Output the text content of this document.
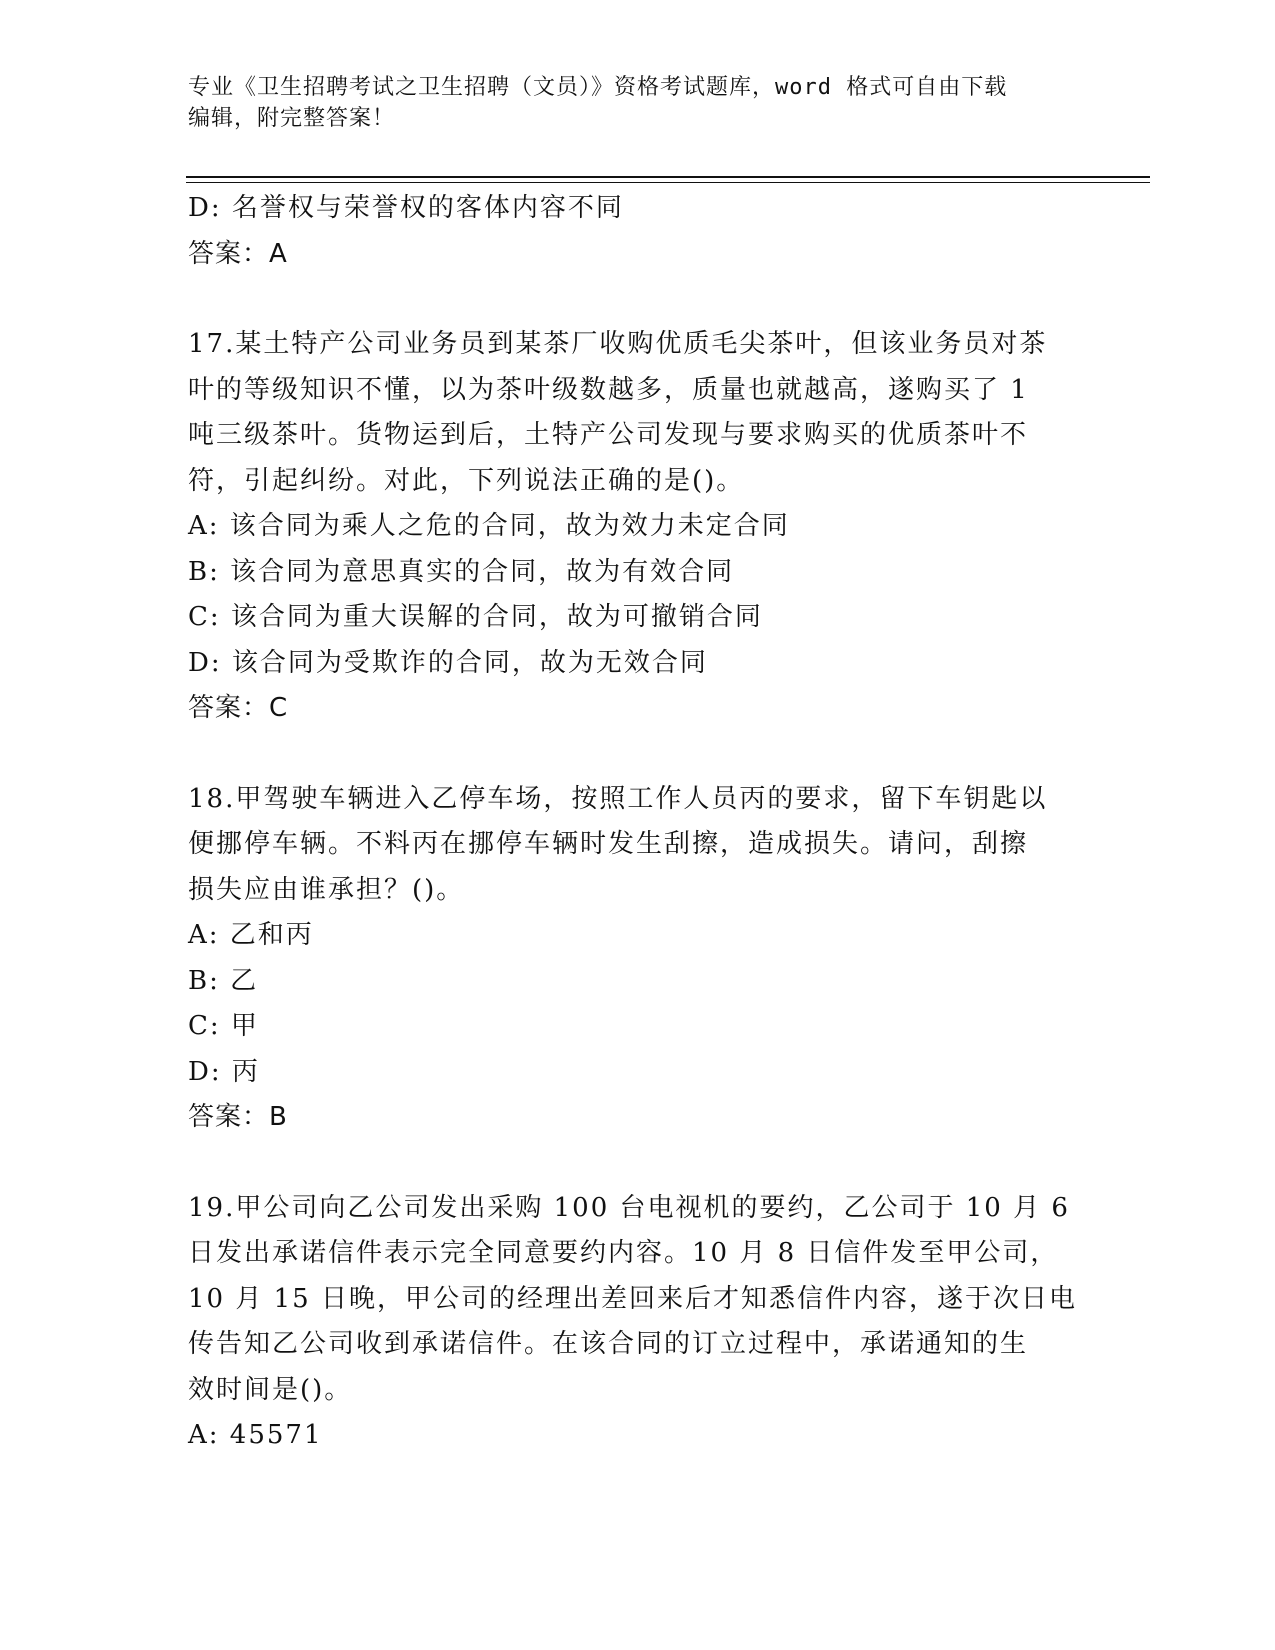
专业《卫生招聘考试之卫生招聘（文员）》资格考试题库，word 格式可自由下载
编辑，附完整答案！
D: 名誉权与荣誉权的客体内容不同
答案：A
17.某土特产公司业务员到某茶厂收购优质毛尖茶叶，但该业务员对茶
叶的等级知识不懂，以为茶叶级数越多，质量也就越高，遂购买了 1
吨三级茶叶。货物运到后，土特产公司发现与要求购买的优质茶叶不
符，引起纠纷。对此，下列说法正确的是()。
A: 该合同为乘人之危的合同，故为效力未定合同
B: 该合同为意思真实的合同，故为有效合同
C: 该合同为重大误解的合同，故为可撤销合同
D: 该合同为受欺诈的合同，故为无效合同
答案：C
18.甲驾驶车辆进入乙停车场，按照工作人员丙的要求，留下车钥匙以
便挪停车辆。不料丙在挪停车辆时发生刮擦，造成损失。请问，刮擦
损失应由谁承担？()。
A: 乙和丙
B: 乙
C: 甲
D: 丙
答案：B
19.甲公司向乙公司发出采购 100 台电视机的要约，乙公司于 10 月 6
日发出承诺信件表示完全同意要约内容。10 月 8 日信件发至甲公司，
10 月 15 日晚，甲公司的经理出差回来后才知悉信件内容，遂于次日电
传告知乙公司收到承诺信件。在该合同的订立过程中，承诺通知的生
效时间是()。
A: 45571
